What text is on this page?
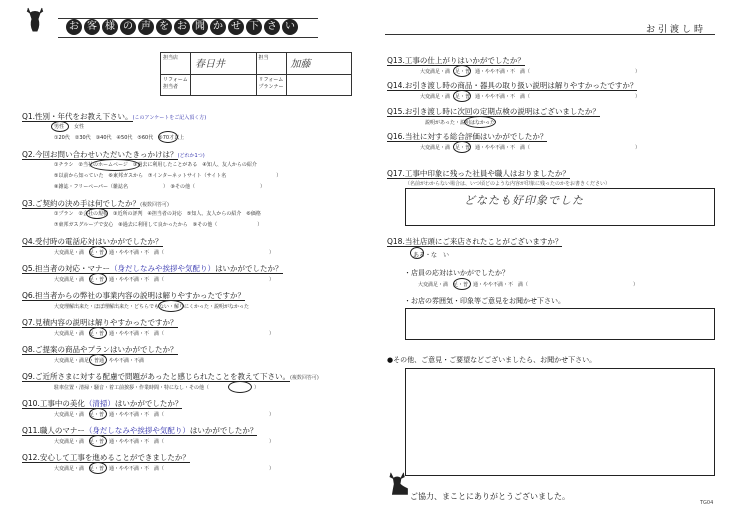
お 客 様 の 声 を お 聞 か せ 下 さ い	お引渡し時
担当店
春日井
担当
加藤
リフォーム担当者
リフォームプランナー
Q1.性別・年代をお教え下さい。(このアンケートをご記入頂く方)
男性　　女性
①20代　②30代　③40代　④50代　⑤60代　⑥70才以上
Q2.今回お問い合わせいただいたきっかけは？(どれか1つ)
①チラシ　②当社のホームページ　③過去に利用したことがある　④知人、友人からの紹介
⑤以前から知っていた　⑥東邦ガスから　⑦インターネットサイト（サイト名　　　　　　　　　　）
⑧雑誌・フリーペーパー（雑誌名　　　　　　　）　⑨その他（　　　　　　　　　　　　　）
Q3.ご契約の決め手は何でしたか？(複数回答可)
①プラン　②会社の規模　③近所の評判　④担当者の対応　⑤知人、友人からの紹介　⑥価格
⑦東邦ガスグループで安心　⑧過去に利用して良かったから　⑨その他（　　　　　　　　）
Q4.受付時の電話応対はいかがでしたか？
大変満足・満　足・普　通・やや不満・不　満（　　　　　　　　　　　　　　　　　　　　　）
Q5.担当者の対応・マナー（身だしなみや挨拶や気配り）はいかがでしたか？
大変満足・満　足・普　通・やや不満・不　満（　　　　　　　　　　　　　　　　　　　　　）
Q6.担当者からの弊社の事業内容の説明は解りやすかったですか？
大変理解出来た・ほぼ理解出来た・どちらでもない・解りにくかった・説明がなかった
Q7.見積内容の説明は解りやすかったですか？
大変満足・満　足・普　通・やや不満・不　満（　　　　　　　　　　　　　　　　　　　　　）
Q8.ご提案の商品やプランはいかがでしたか？
大変満足・満足・普通・やや不満・不満
Q9.ご近所さまに対する配慮で問題があったと感じられたことを教えて下さい。(複数回答可)
駐車位置・清掃・騒音・着工前挨拶・作業時間・特になし・その他（　　　　　　　　　）
Q10.工事中の美化（清掃）はいかがでしたか？
大変満足・満　足・普　通・やや不満・不　満（　　　　　　　　　　　　　　　　　　　　　）
Q11.職人のマナー（身だしなみや挨拶や気配り）はいかがでしたか？
大変満足・満　足・普　通・やや不満・不　満（　　　　　　　　　　　　　　　　　　　　　）
Q12.安心して工事を進めることができましたか？
大変満足・満　足・普　通・やや不満・不　満（　　　　　　　　　　　　　　　　　　　　　）
Q13.工事の仕上がりはいかがでしたか？
大変満足・満　足・普　通・やや不満・不　満（　　　　　　　　　　　　　　　　　　　　　）
Q14.お引き渡し時の商品・器具の取り扱い説明は解りやすかったですか？
大変満足・満　足・普　通・やや不満・不　満（　　　　　　　　　　　　　　　　　　　　　）
Q15.お引き渡し時に次回の定期点検の説明はございましたか？
説明があった・説明はなかった
Q16.当社に対する総合評価はいかがでしたか？
大変満足・満　足・普　通・やや不満・不　満（　　　　　　　　　　　　　　　　　　　　　）
Q17.工事中印象に残った社員や職人はおりましたか？
（名前がわからない場合は、いつ頃どのような内容が印象に残ったのかをお書きください）
どなたも好印象でした
Q18.当社店頭にご来店されたことがございますか？
ある・な　い
・店員の応対はいかがでしたか？
大変満足・満　足・普　通・やや不満・不　満（　　　　　　　　　　　　　　　　　　　　　）
・お店の雰囲気・印象等ご意見をお聞かせ下さい。
●その他、ご意見・ご要望などございましたら、お聞かせ下さい。
ご協力、まことにありがとうございました。
TG04
